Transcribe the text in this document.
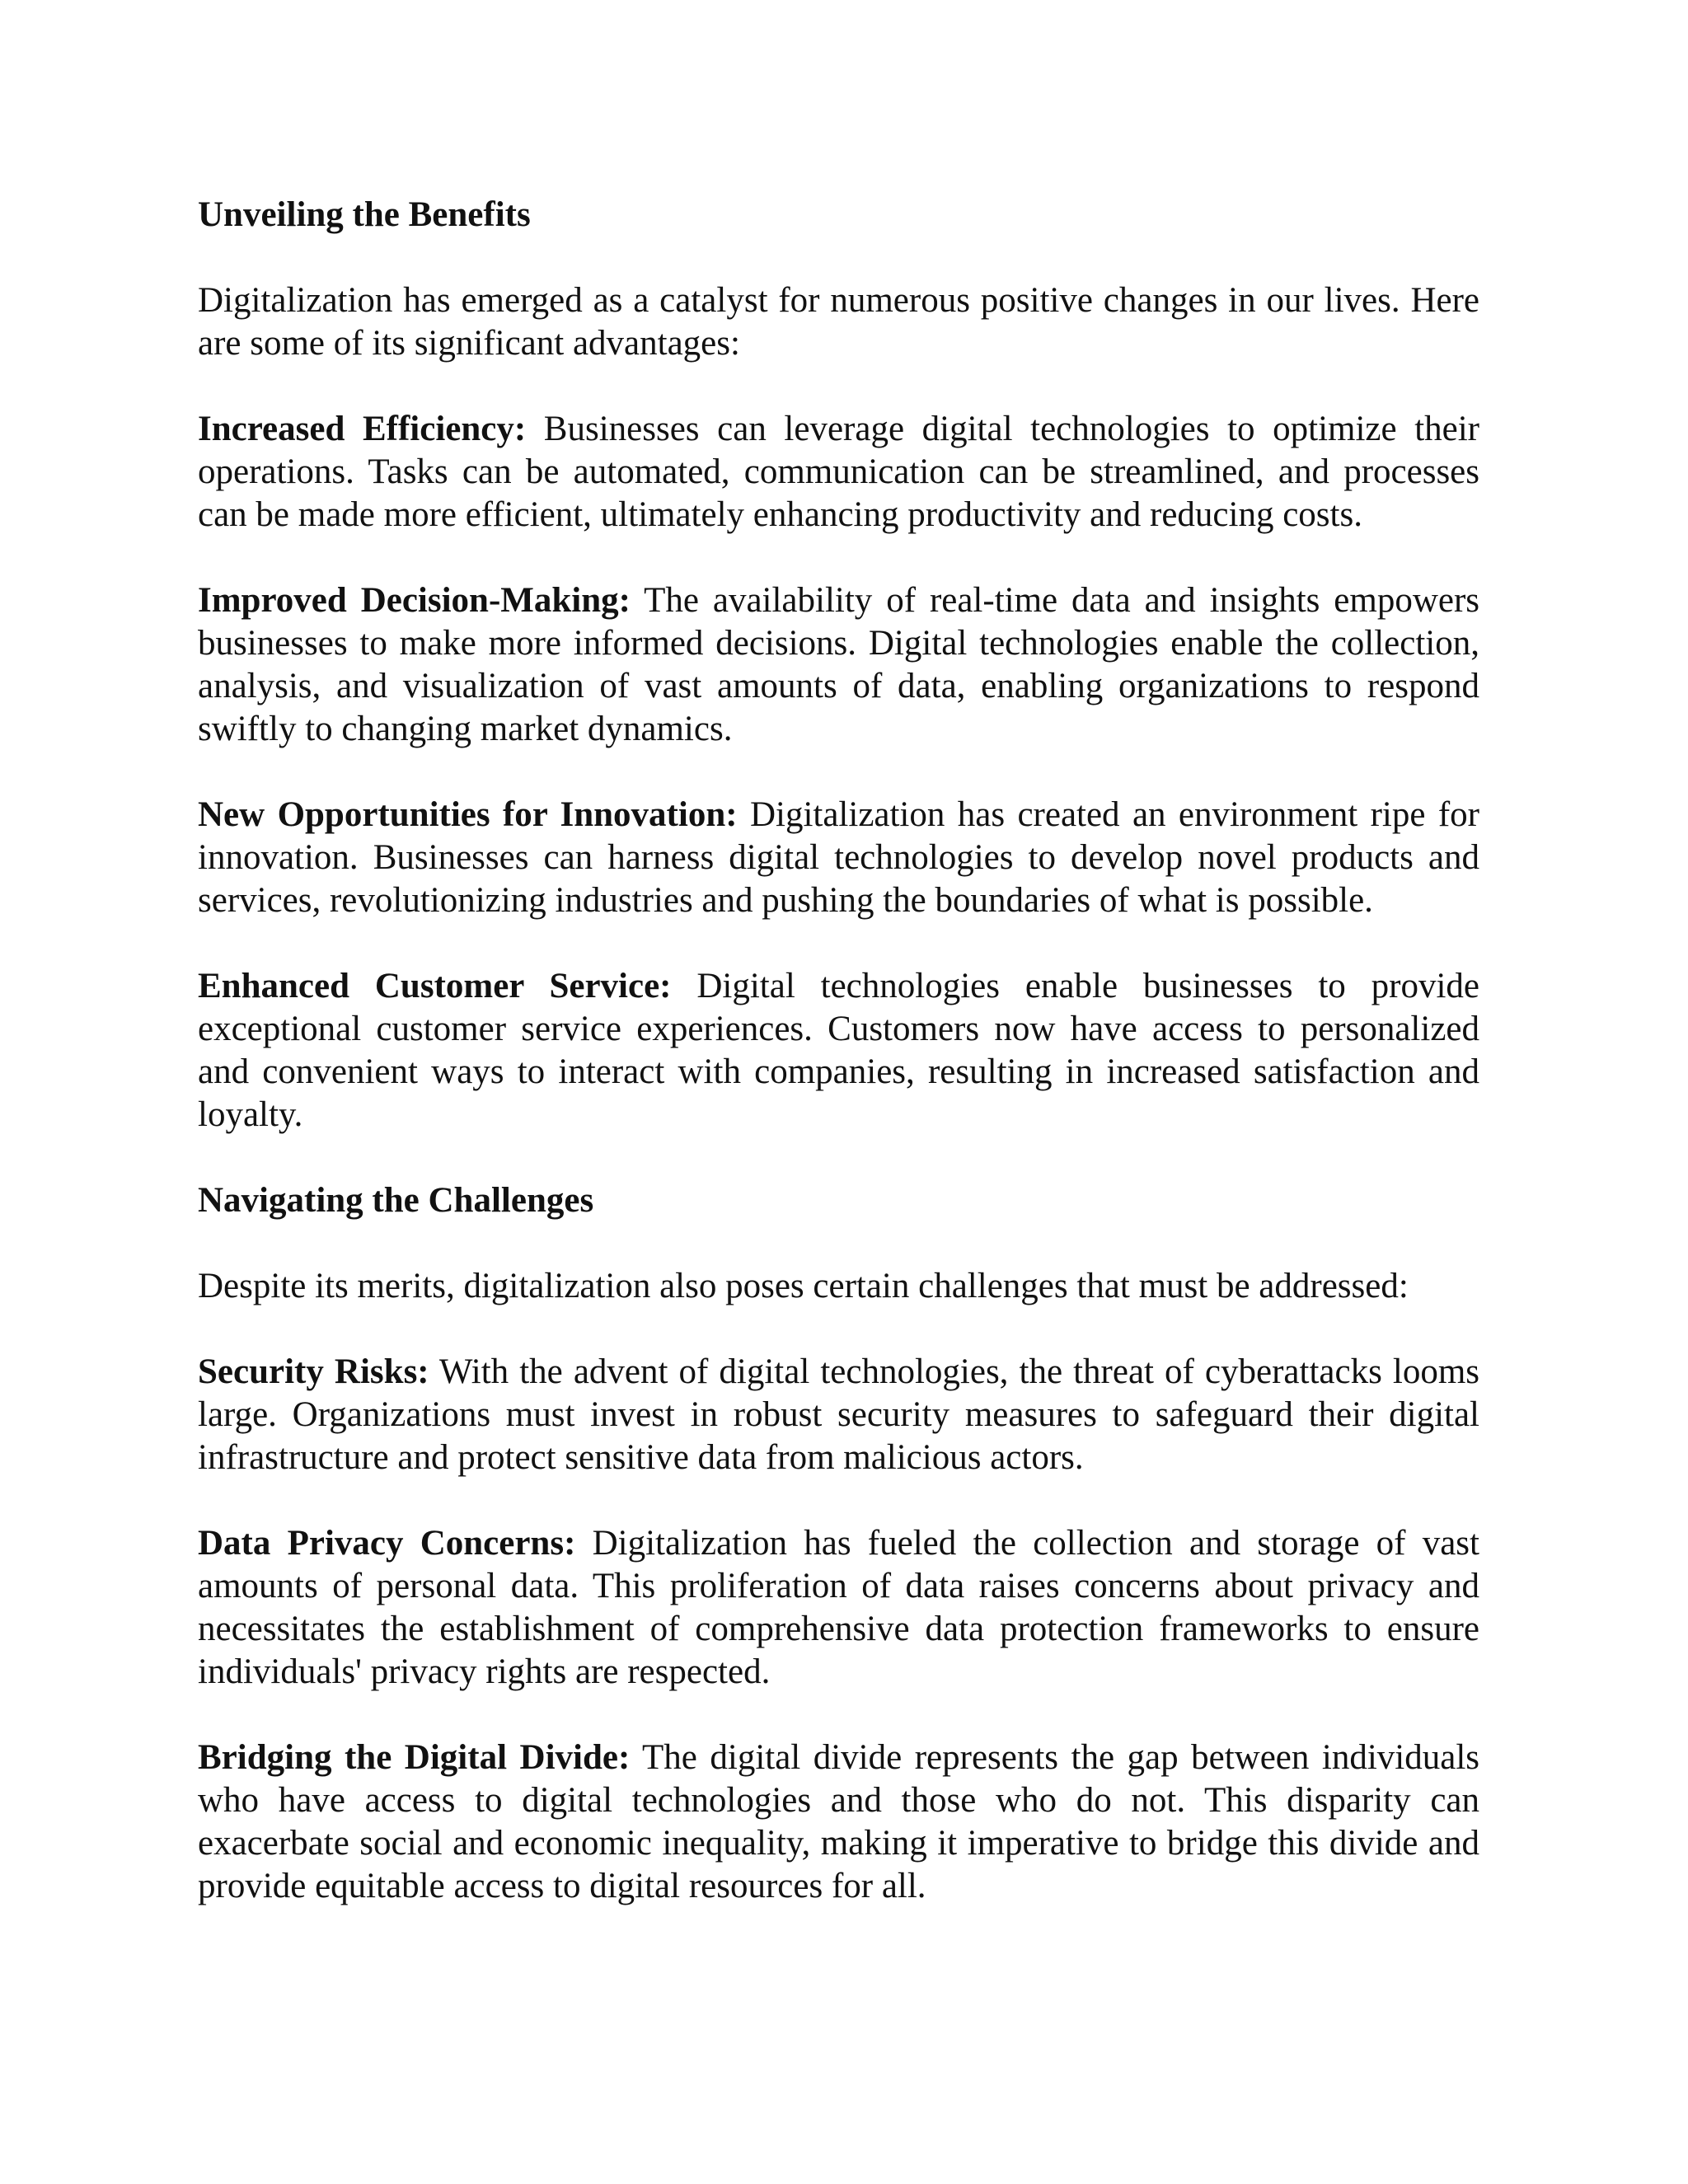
Unveiling the Benefits
Digitalization has emerged as a catalyst for numerous positive changes in our lives. Here are some of its significant advantages:
Increased Efficiency: Businesses can leverage digital technologies to optimize their operations. Tasks can be automated, communication can be streamlined, and processes can be made more efficient, ultimately enhancing productivity and reducing costs.
Improved Decision-Making: The availability of real-time data and insights empowers businesses to make more informed decisions. Digital technologies enable the collection, analysis, and visualization of vast amounts of data, enabling organizations to respond swiftly to changing market dynamics.
New Opportunities for Innovation: Digitalization has created an environment ripe for innovation. Businesses can harness digital technologies to develop novel products and services, revolutionizing industries and pushing the boundaries of what is possible.
Enhanced Customer Service: Digital technologies enable businesses to provide exceptional customer service experiences. Customers now have access to personalized and convenient ways to interact with companies, resulting in increased satisfaction and loyalty.
Navigating the Challenges
Despite its merits, digitalization also poses certain challenges that must be addressed:
Security Risks: With the advent of digital technologies, the threat of cyberattacks looms large. Organizations must invest in robust security measures to safeguard their digital infrastructure and protect sensitive data from malicious actors.
Data Privacy Concerns: Digitalization has fueled the collection and storage of vast amounts of personal data. This proliferation of data raises concerns about privacy and necessitates the establishment of comprehensive data protection frameworks to ensure individuals' privacy rights are respected.
Bridging the Digital Divide: The digital divide represents the gap between individuals who have access to digital technologies and those who do not. This disparity can exacerbate social and economic inequality, making it imperative to bridge this divide and provide equitable access to digital resources for all.
